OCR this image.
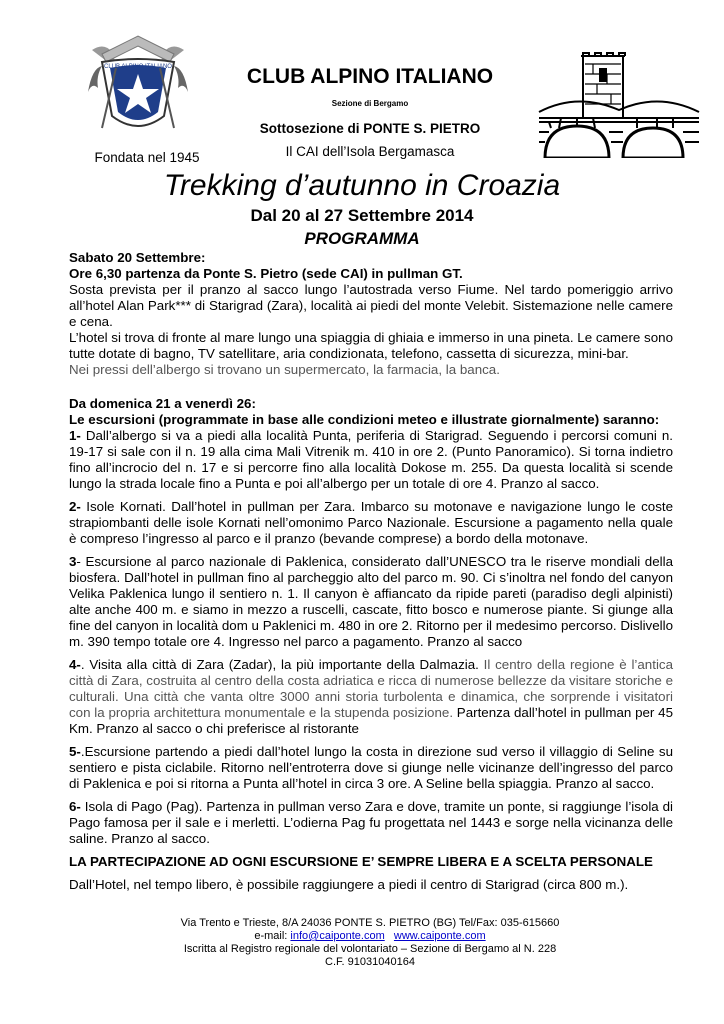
CLUB ALPINO ITALIANO	CLUB ALPINO ITALIANO
Sezione di Bergamo
Sottosezione di PONTE S. PIETRO
Il CAI dell’Isola Bergamasca
Fondata nel 1945
Trekking d’autunno in Croazia
Dal 20 al 27 Settembre 2014
PROGRAMMA

Sabato 20 Settembre:

Ore 6,30 partenza da Ponte S. Pietro (sede CAI) in pullman GT.

Sosta prevista per il pranzo al sacco lungo l’autostrada verso Fiume. Nel tardo pomeriggio arrivo all’hotel Alan Park*** di Starigrad (Zara), località ai piedi del monte Velebit. Sistemazione nelle camere e cena.

L’hotel si trova di fronte al mare lungo una spiaggia di ghiaia e immerso in una pineta. Le camere sono tutte dotate di bagno, TV satellitare, aria condizionata, telefono, cassetta di sicurezza, mini-bar.

Nei pressi dell’albergo si trovano un supermercato, la farmacia, la banca.

Da domenica 21 a venerdì 26:

Le escursioni (programmate in base alle condizioni meteo e illustrate giornalmente) saranno:

1- Dall’albergo si va a piedi alla località Punta, periferia di Starigrad. Seguendo i percorsi comuni n. 19-17 si sale con il n. 19 alla cima Mali Vitrenik m. 410 in ore 2. (Punto Panoramico). Si torna indietro fino all’incrocio del n. 17 e si percorre fino alla località Dokose m. 255. Da questa località si scende lungo la strada locale fino a Punta e poi all’albergo per un totale di ore 4. Pranzo al sacco.

2- Isole Kornati. Dall’hotel in pullman per Zara. Imbarco su motonave e navigazione lungo le coste strapiombanti delle isole Kornati nell’omonimo Parco Nazionale. Escursione a pagamento nella quale è compreso l’ingresso al parco e il pranzo (bevande comprese) a bordo della motonave.

3- Escursione al parco nazionale di Paklenica, considerato dall’UNESCO tra le riserve mondiali della biosfera. Dall’hotel in pullman fino al parcheggio alto del parco m. 90. Ci s’inoltra nel fondo del canyon Velika Paklenica lungo il sentiero n. 1. Il canyon è affiancato da ripide pareti (paradiso degli alpinisti) alte anche 400 m. e siamo in mezzo a ruscelli, cascate, fitto bosco e numerose piante. Si giunge alla fine del canyon in località dom u Paklenici m. 480 in ore 2. Ritorno per il medesimo percorso. Dislivello m. 390 tempo totale ore 4. Ingresso nel parco a pagamento. Pranzo al sacco

4-. Visita alla città di Zara (Zadar), la più importante della Dalmazia. Il centro della regione è l’antica città di Zara, costruita al centro della costa adriatica e ricca di numerose bellezze da visitare storiche e culturali. Una città che vanta oltre 3000 anni storia turbolenta e dinamica, che sorprende i visitatori con la propria architettura monumentale e la stupenda posizione. Partenza dall’hotel in pullman per 45 Km. Pranzo al sacco o chi preferisce al ristorante

5-.Escursione partendo a piedi dall’hotel lungo la costa in direzione sud verso il villaggio di Seline su sentiero e pista ciclabile. Ritorno nell’entroterra dove si giunge nelle vicinanze dell’ingresso del parco di Paklenica e poi si ritorna a Punta all’hotel in circa 3 ore. A Seline bella spiaggia. Pranzo al sacco.

6- Isola di Pago (Pag). Partenza in pullman verso Zara e dove, tramite un ponte, si raggiunge l’isola di Pago famosa per il sale e i merletti. L’odierna Pag fu progettata nel 1443 e sorge nella vicinanza delle saline. Pranzo al sacco.

LA PARTECIPAZIONE AD OGNI ESCURSIONE E’ SEMPRE LIBERA E A SCELTA PERSONALE

Dall’Hotel, nel tempo libero, è possibile raggiungere a piedi il centro di Starigrad (circa 800 m.).

Via Trento e Trieste, 8/A 24036 PONTE S. PIETRO (BG) Tel/Fax: 035-615660
e-mail: info@caiponte.com www.caiponte.com
Iscritta al Registro regionale del volontariato – Sezione di Bergamo al N. 228
C.F. 91031040164
